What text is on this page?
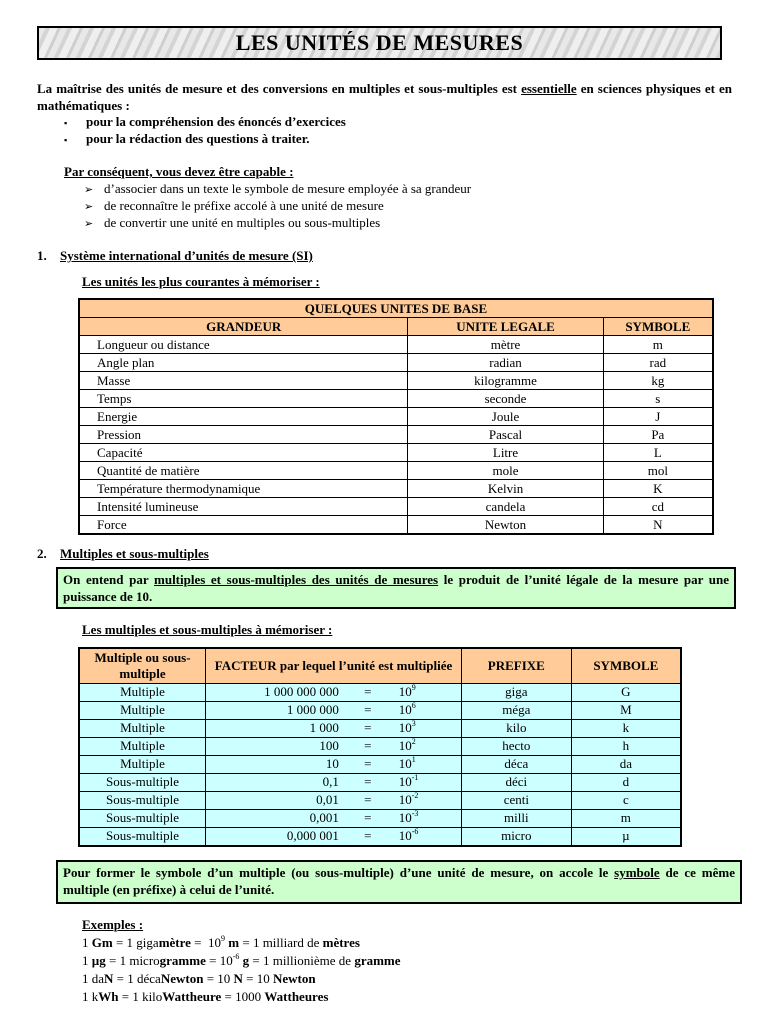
LES UNITÉS DE MESURES
La maîtrise des unités de mesure et des conversions en multiples et sous-multiples est essentielle en sciences physiques et en mathématiques :
▪ pour la compréhension des énoncés d’exercices
▪ pour la rédaction des questions à traiter.
Par conséquent, vous devez être capable :
➢ d’associer dans un texte le symbole de mesure employée à sa grandeur
➢ de reconnaître le préfixe accolé à une unité de mesure
➢ de convertir une unité en multiples ou sous-multiples
1. Système international d’unités de mesure (SI)
Les unités les plus courantes à mémoriser :
QUELQUES UNITES DE BASE		
GRANDEUR	UNITE LEGALE	SYMBOLE
Longueur ou distance	mètre	m
Angle plan	radian	rad
Masse	kilogramme	kg
Temps	seconde	s
Energie	Joule	J
Pression	Pascal	Pa
Capacité	Litre	L
Quantité de matière	mole	mol
Température thermodynamique	Kelvin	K
Intensité lumineuse	candela	cd
Force	Newton	N
2. Multiples et sous-multiples
On entend par multiples et sous-multiples des unités de mesures le produit de l’unité légale de la mesure par une puissance de 10.
Les multiples et sous-multiples à mémoriser :
Multiple ou sous-multiple	FACTEUR par lequel l’unité est multipliée			PREFIXE	SYMBOLE
Multiple	1 000 000 000	=	$10^9$	giga	G
Multiple	1 000 000	=	$10^6$	méga	M
Multiple	1 000	=	$10^3$	kilo	k
Multiple	100	=	$10^2$	hecto	h
Multiple	10	=	$10^1$	déca	da
Sous-multiple	0,1	=	$10^{-1}$	déci	d
Sous-multiple	0,01	=	$10^{-2}$	centi	c
Sous-multiple	0,001	=	$10^{-3}$	milli	m
Sous-multiple	0,000 001	=	$10^{-6}$	micro	µ
Pour former le symbole d’un multiple (ou sous-multiple) d’une unité de mesure, on accole le symbole de ce même multiple (en préfixe) à celui de l’unité.
Exemples :
1 Gm = 1 gigamètre =  $10^9$ m = 1 milliard de mètres
1 µg = 1 microgramme = $10^{-6}$ g = 1 millionième de gramme
1 daN = 1 décaNewton = 10 N = 10 Newton
1 kWh = 1 kiloWattheure = 1000 Wattheures
